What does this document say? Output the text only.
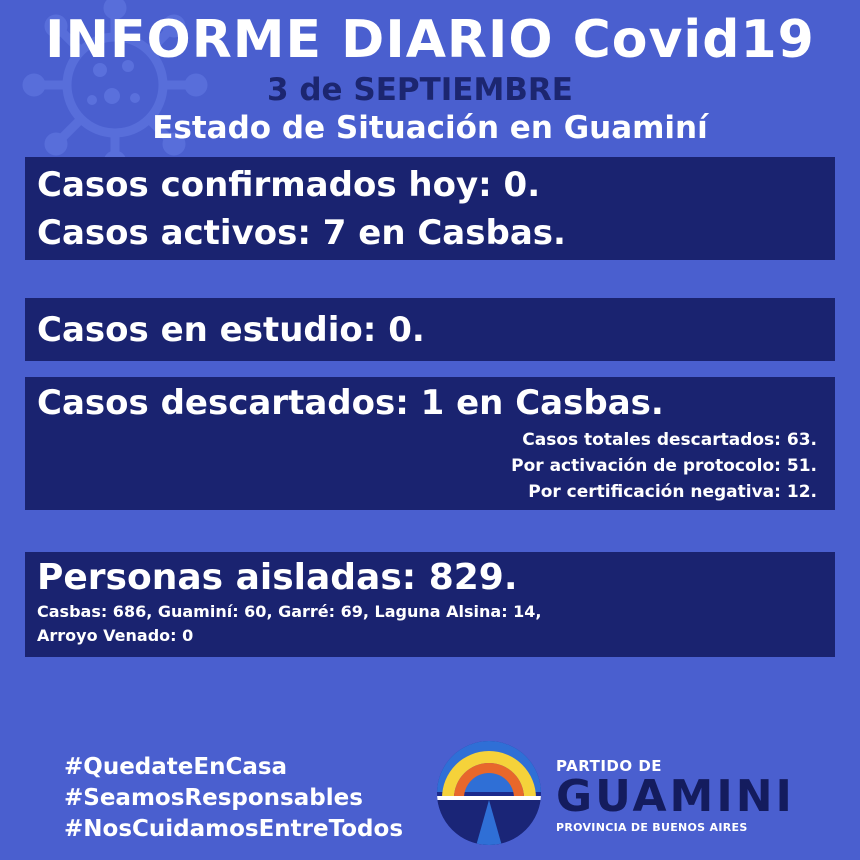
INFORME DIARIO Covid19
3 de SEPTIEMBRE
Estado de Situación en Guaminí
Casos confirmados hoy: 0.
Casos activos: 7 en Casbas.
Casos en estudio: 0.
Casos descartados: 1 en Casbas.
Casos totales descartados: 63.
Por activación de protocolo: 51.
Por certificación negativa: 12.
Personas aisladas: 829.
Casbas: 686, Guaminí: 60, Garré: 69, Laguna Alsina: 14,
Arroyo Venado: 0
#QuedateEnCasa
#SeamosResponsables
#NosCuidamosEntreTodos
PARTIDO DE
GUAMINI
PROVINCIA DE BUENOS AIRES
